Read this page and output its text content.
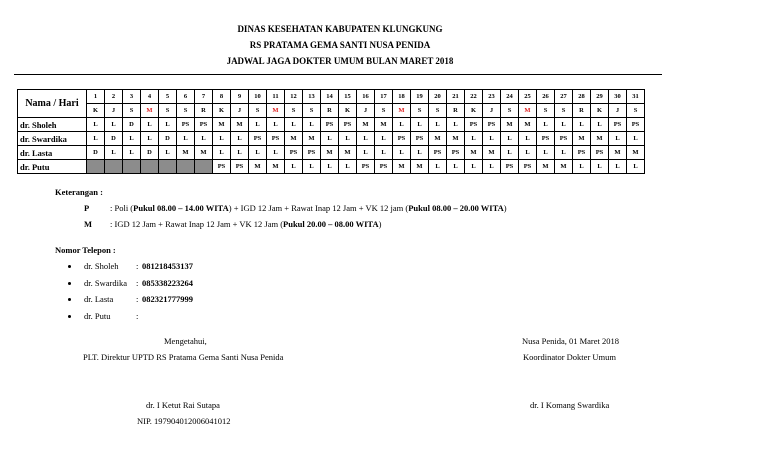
DINAS KESEHATAN KABUPATEN KLUNGKUNG
RS PRATAMA GEMA SANTI NUSA PENIDA
JADWAL JAGA DOKTER UMUM BULAN MARET 2018
Nama / Hari	1	2	3	4	5	6	7	8	9	10	11	12	13	14	15	16	17	18	19	20	21	22	23	24	25	26	27	28	29	30	31
	K	J	S	M	S	S	R	K	J	S	M	S	S	R	K	J	S	M	S	S	R	K	J	S	M	S	S	R	K	J	S
dr. Sholeh	L	L	D	L	L	PS	PS	M	M	L	L	L	L	PS	PS	M	M	L	L	L	L	PS	PS	M	M	L	L	L	L	PS	PS
dr. Swardika	L	D	L	L	D	L	L	L	L	PS	PS	M	M	L	L	L	L	PS	PS	M	M	L	L	L	L	PS	PS	M	M	L	L
dr. Lasta	D	L	L	D	L	M	M	L	L	L	L	PS	PS	M	M	L	L	L	L	PS	PS	M	M	L	L	L	L	PS	PS	M	M
dr. Putu								PS	PS	M	M	L	L	L	L	PS	PS	M	M	L	L	L	L	PS	PS	M	M	L	L	L	L
Keterangan :
P : Poli (Pukul 08.00 – 14.00 WITA) + IGD 12 Jam + Rawat Inap 12 Jam + VK 12 jam (Pukul 08.00 – 20.00 WITA)
M : IGD 12 Jam + Rawat Inap 12 Jam + VK 12 Jam (Pukul 20.00 – 08.00 WITA)
Nomor Telepon :
dr. Sholeh : 081218453137
dr. Swardika : 085338223264
dr. Lasta	: 082321777999
dr. Putu	:
Mengetahui,
PLT. Direktur UPTD RS Pratama Gema Santi Nusa Penida
dr. I Ketut Rai Sutapa
NIP. 197904012006041012
Nusa Penida, 01 Maret 2018
Koordinator Dokter Umum
dr. I Komang Swardika
